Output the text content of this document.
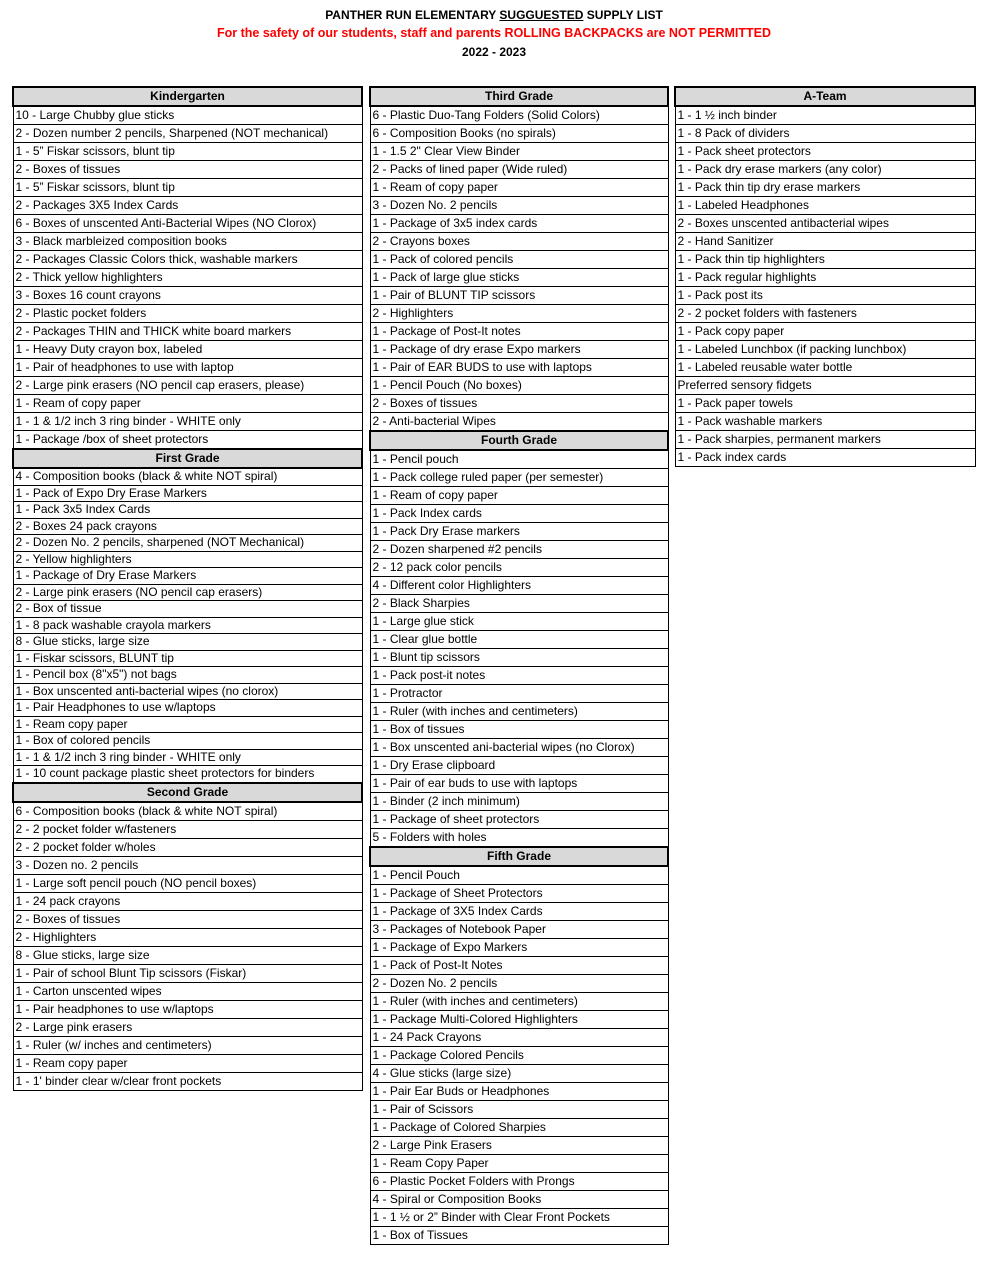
PANTHER RUN ELEMENTARY SUGGUESTED SUPPLY LIST
For the safety of our students, staff and parents ROLLING BACKPACKS are NOT PERMITTED
2022 - 2023
Kindergarten
10 - Large Chubby glue sticks
2 - Dozen number 2 pencils, Sharpened (NOT mechanical)
1 - 5” Fiskar scissors, blunt tip
2 - Boxes of tissues
1 - 5” Fiskar scissors, blunt tip
2 - Packages 3X5 Index Cards
6 - Boxes of unscented Anti-Bacterial Wipes (NO Clorox)
3 - Black marbleized composition books
2 - Packages Classic Colors thick, washable markers
2 - Thick yellow highlighters
3 - Boxes 16 count crayons
2 - Plastic pocket folders
2 - Packages THIN and THICK white board markers
1 - Heavy Duty crayon box, labeled
1 - Pair of headphones to use with laptop
2 - Large pink erasers (NO pencil cap erasers, please)
1 - Ream of copy paper
1 - 1 & 1/2 inch 3 ring binder - WHITE only
1 - Package /box of sheet protectors
First Grade
4 - Composition books (black & white NOT spiral)
1 - Pack of Expo Dry Erase Markers
1 - Pack 3x5 Index Cards
2 - Boxes 24 pack crayons
2 - Dozen No. 2 pencils, sharpened (NOT Mechanical)
2 - Yellow highlighters
1 - Package of Dry Erase Markers
2 - Large pink erasers (NO pencil cap erasers)
2 - Box of tissue
1 - 8 pack washable crayola markers
8 - Glue sticks, large size
1 - Fiskar scissors, BLUNT tip
1 - Pencil box (8"x5") not bags
1 - Box unscented anti-bacterial wipes (no clorox)
1 - Pair Headphones to use w/laptops
1 - Ream copy paper
1 - Box of colored pencils
1 - 1 & 1/2 inch 3 ring binder - WHITE only
1 - 10 count package plastic sheet protectors for binders
Second Grade
6 - Composition books (black & white NOT spiral)
2 - 2 pocket folder w/fasteners
2 - 2 pocket folder w/holes
3 - Dozen no. 2 pencils
1 - Large soft pencil pouch (NO pencil boxes)
1 - 24 pack crayons
2 - Boxes of tissues
2 - Highlighters
8 - Glue sticks, large size
1 - Pair of school Blunt Tip scissors (Fiskar)
1 - Carton unscented wipes
1 - Pair headphones to use w/laptops
2 - Large pink erasers
1 - Ruler (w/ inches and centimeters)
1 - Ream copy paper
1 - 1' binder clear w/clear front pockets
Third Grade
6 - Plastic Duo-Tang Folders (Solid Colors)
6 - Composition Books (no spirals)
1 - 1.5 2" Clear View Binder
2 - Packs of lined paper (Wide ruled)
1 - Ream of copy paper
3 - Dozen No. 2 pencils
1 - Package of 3x5 index cards
2 - Crayons boxes
1 - Pack of colored pencils
1 - Pack of large glue sticks
1 - Pair of BLUNT TIP scissors
2 - Highlighters
1 - Package of Post-It notes
1 - Package of dry erase Expo markers
1 - Pair of EAR BUDS to use with laptops
1 - Pencil Pouch (No boxes)
2 - Boxes of tissues
2 - Anti-bacterial Wipes
Fourth Grade
1 - Pencil pouch
1 - Pack college ruled paper (per semester)
1 - Ream of copy paper
1 - Pack Index cards
1 - Pack Dry Erase markers
2 - Dozen sharpened #2 pencils
2 - 12 pack color pencils
4 - Different color Highlighters
2 - Black Sharpies
1 - Large glue stick
1 - Clear glue bottle
1 - Blunt tip scissors
1 - Pack post-it notes
1 - Protractor
1 - Ruler (with inches and centimeters)
1 - Box of tissues
1 - Box unscented ani-bacterial wipes (no Clorox)
1 - Dry Erase clipboard
1 - Pair of ear buds to use with laptops
1 - Binder (2 inch minimum)
1 - Package of sheet protectors
5 - Folders with holes
Fifth Grade
1 - Pencil Pouch
1 - Package of Sheet Protectors
1 - Package of 3X5 Index Cards
3 - Packages of Notebook Paper
1 - Package of Expo Markers
1 - Pack of Post-It Notes
2 - Dozen No. 2 pencils
1 - Ruler (with inches and centimeters)
1 - Package Multi-Colored Highlighters
1 - 24 Pack Crayons
1 - Package Colored Pencils
4 - Glue sticks (large size)
1 - Pair Ear Buds or Headphones
1 - Pair of Scissors
1 - Package of Colored Sharpies
2 - Large Pink Erasers
1 - Ream Copy Paper
6 - Plastic Pocket Folders with Prongs
4 - Spiral or Composition Books
1 - 1 ½ or 2” Binder with Clear Front Pockets
1 - Box of Tissues
A-Team
1 - 1 ½ inch binder
1 - 8 Pack of dividers
1 - Pack sheet protectors
1 - Pack dry erase markers (any color)
1 - Pack thin tip dry erase markers
1 - Labeled Headphones
2 - Boxes unscented antibacterial wipes
2 - Hand Sanitizer
1 - Pack thin tip highlighters
1 - Pack regular highlights
1 - Pack post its
2 - 2 pocket folders with fasteners
1 - Pack copy paper
1 - Labeled Lunchbox (if packing lunchbox)
1 - Labeled reusable water bottle
Preferred sensory fidgets
1 - Pack paper towels
1 - Pack washable markers
1 - Pack sharpies, permanent markers
1 - Pack index cards
